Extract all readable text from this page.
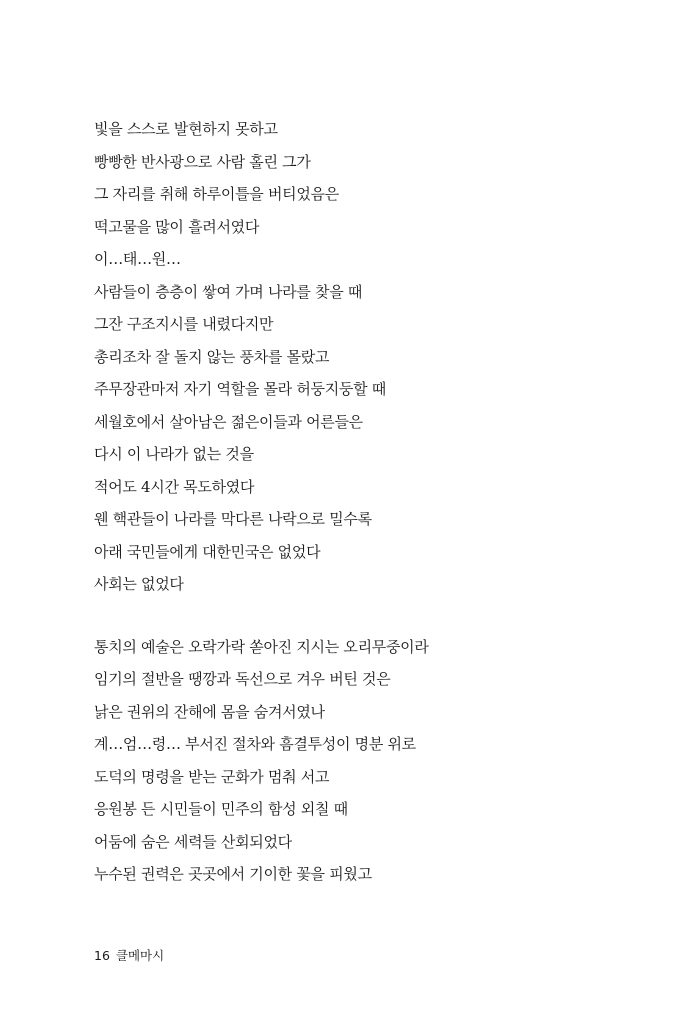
빛을 스스로 발현하지 못하고
빵빵한 반사광으로 사람 홀린 그가
그 자리를 취해 하루이틀을 버티었음은
떡고물을 많이 흘려서였다
이…태…원…
사람들이 층층이 쌓여 가며 나라를 찾을 때
그잔 구조지시를 내렸다지만
총리조차 잘 돌지 않는 풍차를 몰랐고
주무장관마저 자기 역할을 몰라 허둥지둥할 때
세월호에서 살아남은 젊은이들과 어른들은
다시 이 나라가 없는 것을
적어도 4시간 목도하였다
웬 핵관들이 나라를 막다른 나락으로 밀수록
아래 국민들에게 대한민국은 없었다
사회는 없었다
통치의 예술은 오락가락 쏟아진 지시는 오리무중이라
임기의 절반을 땡깡과 독선으로 겨우 버틴 것은
낡은 권위의 잔해에 몸을 숨겨서였나
계…엄…령… 부서진 절차와 흠결투성이 명분 위로
도덕의 명령을 받는 군화가 멈춰 서고
응원봉 든 시민들이 민주의 함성 외칠 때
어둠에 숨은 세력들 산회되었다
누수된 권력은 곳곳에서 기이한 꽃을 피웠고
16 클메마시
